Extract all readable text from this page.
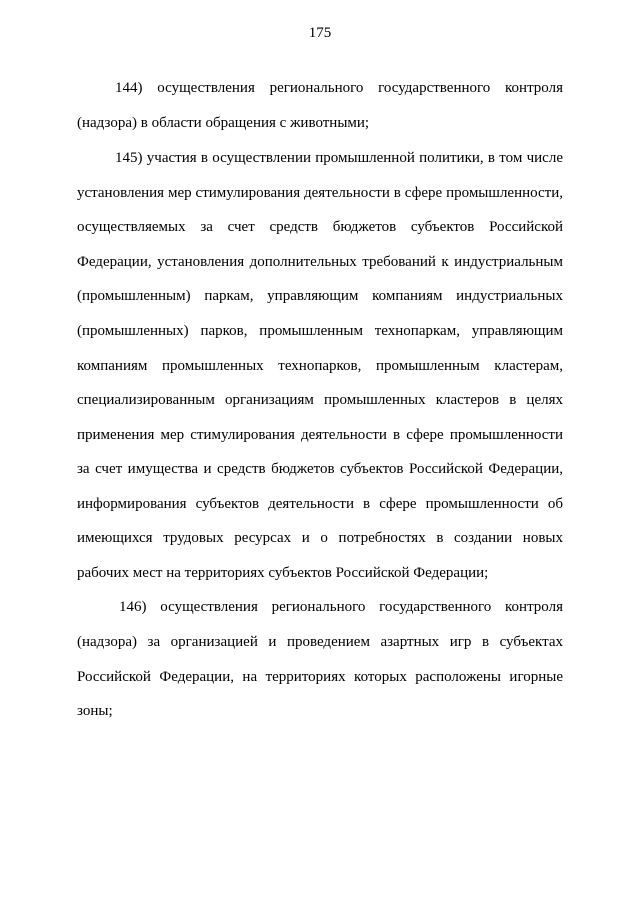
175
144) осуществления регионального государственного контроля
(надзора) в области обращения с животными;
145) участия в осуществлении промышленной политики, в том числе
установления мер стимулирования деятельности в сфере промышленности,
осуществляемых за счет средств бюджетов субъектов Российской
Федерации, установления дополнительных требований к индустриальным
(промышленным) паркам, управляющим компаниям индустриальных
(промышленных) парков, промышленным технопаркам, управляющим
компаниям промышленных технопарков, промышленным кластерам,
специализированным организациям промышленных кластеров в целях
применения мер стимулирования деятельности в сфере промышленности
за счет имущества и средств бюджетов субъектов Российской Федерации,
информирования субъектов деятельности в сфере промышленности об
имеющихся трудовых ресурсах и о потребностях в создании новых
рабочих мест на территориях субъектов Российской Федерации;
146) осуществления регионального государственного контроля
(надзора) за организацией и проведением азартных игр в субъектах
Российской Федерации, на территориях которых расположены игорные
зоны;
